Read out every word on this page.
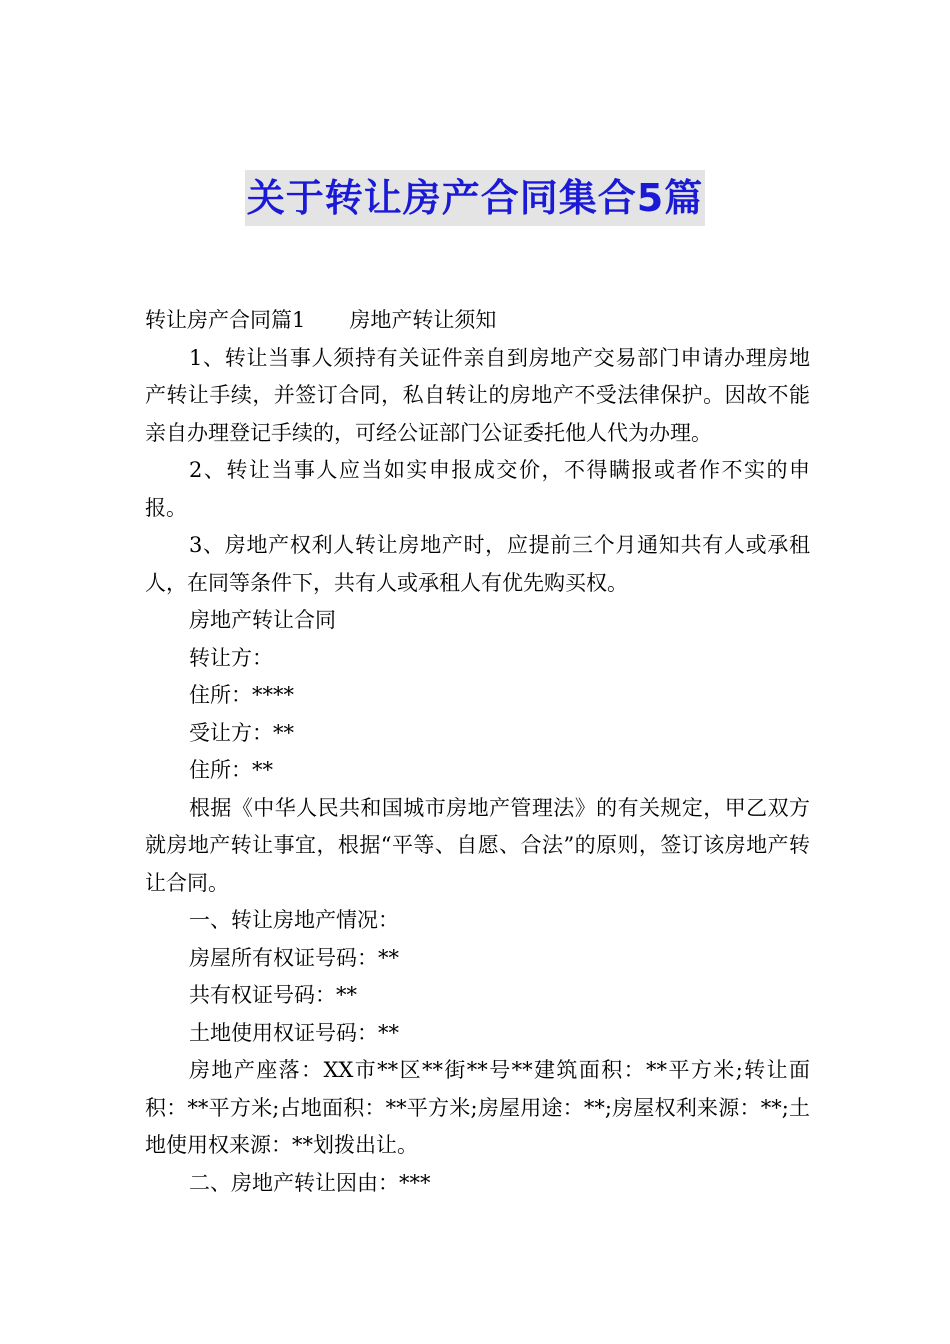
关于转让房产合同集合5篇

转让房产合同篇1 房地产转让须知

1、转让当事人须持有关证件亲自到房地产交易部门申请办理房地产转让手续，并签订合同，私自转让的房地产不受法律保护。因故不能亲自办理登记手续的，可经公证部门公证委托他人代为办理。

2、转让当事人应当如实申报成交价，不得瞒报或者作不实的申报。

3、房地产权利人转让房地产时，应提前三个月通知共有人或承租人，在同等条件下，共有人或承租人有优先购买权。

房地产转让合同

转让方：

住所：****

受让方：**

住所：**

根据《中华人民共和国城市房地产管理法》的有关规定，甲乙双方就房地产转让事宜，根据“平等、自愿、合法”的原则，签订该房地产转让合同。

一、转让房地产情况：

房屋所有权证号码：**

共有权证号码：**

土地使用权证号码：**

房地产座落：XX市**区**街**号**建筑面积：**平方米;转让面积：**平方米;占地面积：**平方米;房屋用途：**;房屋权利来源：**;土地使用权来源：**划拨出让。

二、房地产转让因由：***
